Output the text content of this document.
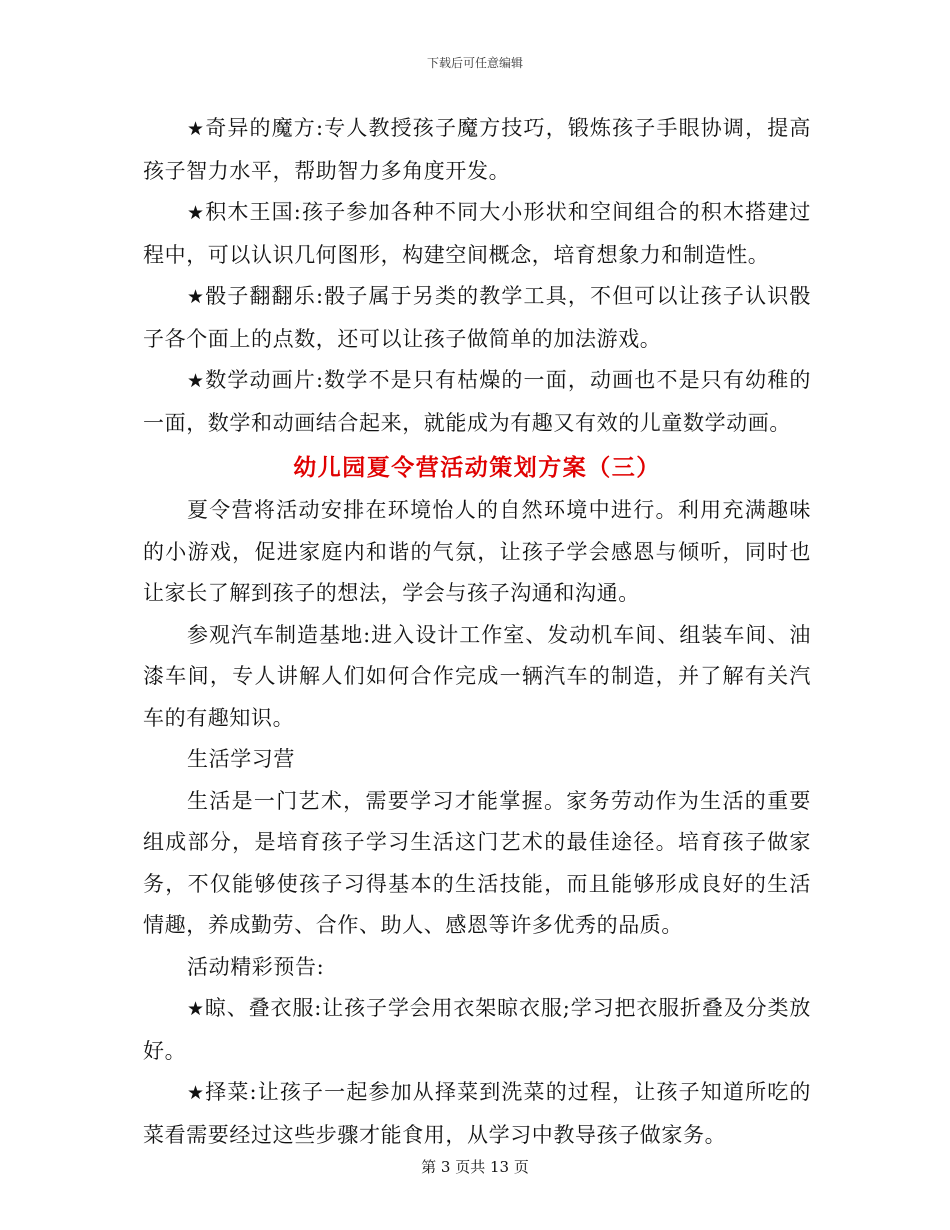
下载后可任意编辑

★奇异的魔方:专人教授孩子魔方技巧，锻炼孩子手眼协调，提高孩子智力水平，帮助智力多角度开发。

★积木王国:孩子参加各种不同大小形状和空间组合的积木搭建过程中，可以认识几何图形，构建空间概念，培育想象力和制造性。

★骰子翻翻乐:骰子属于另类的教学工具，不但可以让孩子认识骰子各个面上的点数，还可以让孩子做简单的加法游戏。

★数学动画片:数学不是只有枯燥的一面，动画也不是只有幼稚的一面，数学和动画结合起来，就能成为有趣又有效的儿童数学动画。

幼儿园夏令营活动策划方案（三）

夏令营将活动安排在环境怡人的自然环境中进行。利用充满趣味的小游戏，促进家庭内和谐的气氛，让孩子学会感恩与倾听，同时也让家长了解到孩子的想法，学会与孩子沟通和沟通。

参观汽车制造基地:进入设计工作室、发动机车间、组装车间、油漆车间，专人讲解人们如何合作完成一辆汽车的制造，并了解有关汽车的有趣知识。

生活学习营

生活是一门艺术，需要学习才能掌握。家务劳动作为生活的重要组成部分，是培育孩子学习生活这门艺术的最佳途径。培育孩子做家务，不仅能够使孩子习得基本的生活技能，而且能够形成良好的生活情趣，养成勤劳、合作、助人、感恩等许多优秀的品质。

活动精彩预告:

★晾、叠衣服:让孩子学会用衣架晾衣服;学习把衣服折叠及分类放好。

★择菜:让孩子一起参加从择菜到洗菜的过程，让孩子知道所吃的菜看需要经过这些步骤才能食用，从学习中教导孩子做家务。

第 3 页共 13 页
